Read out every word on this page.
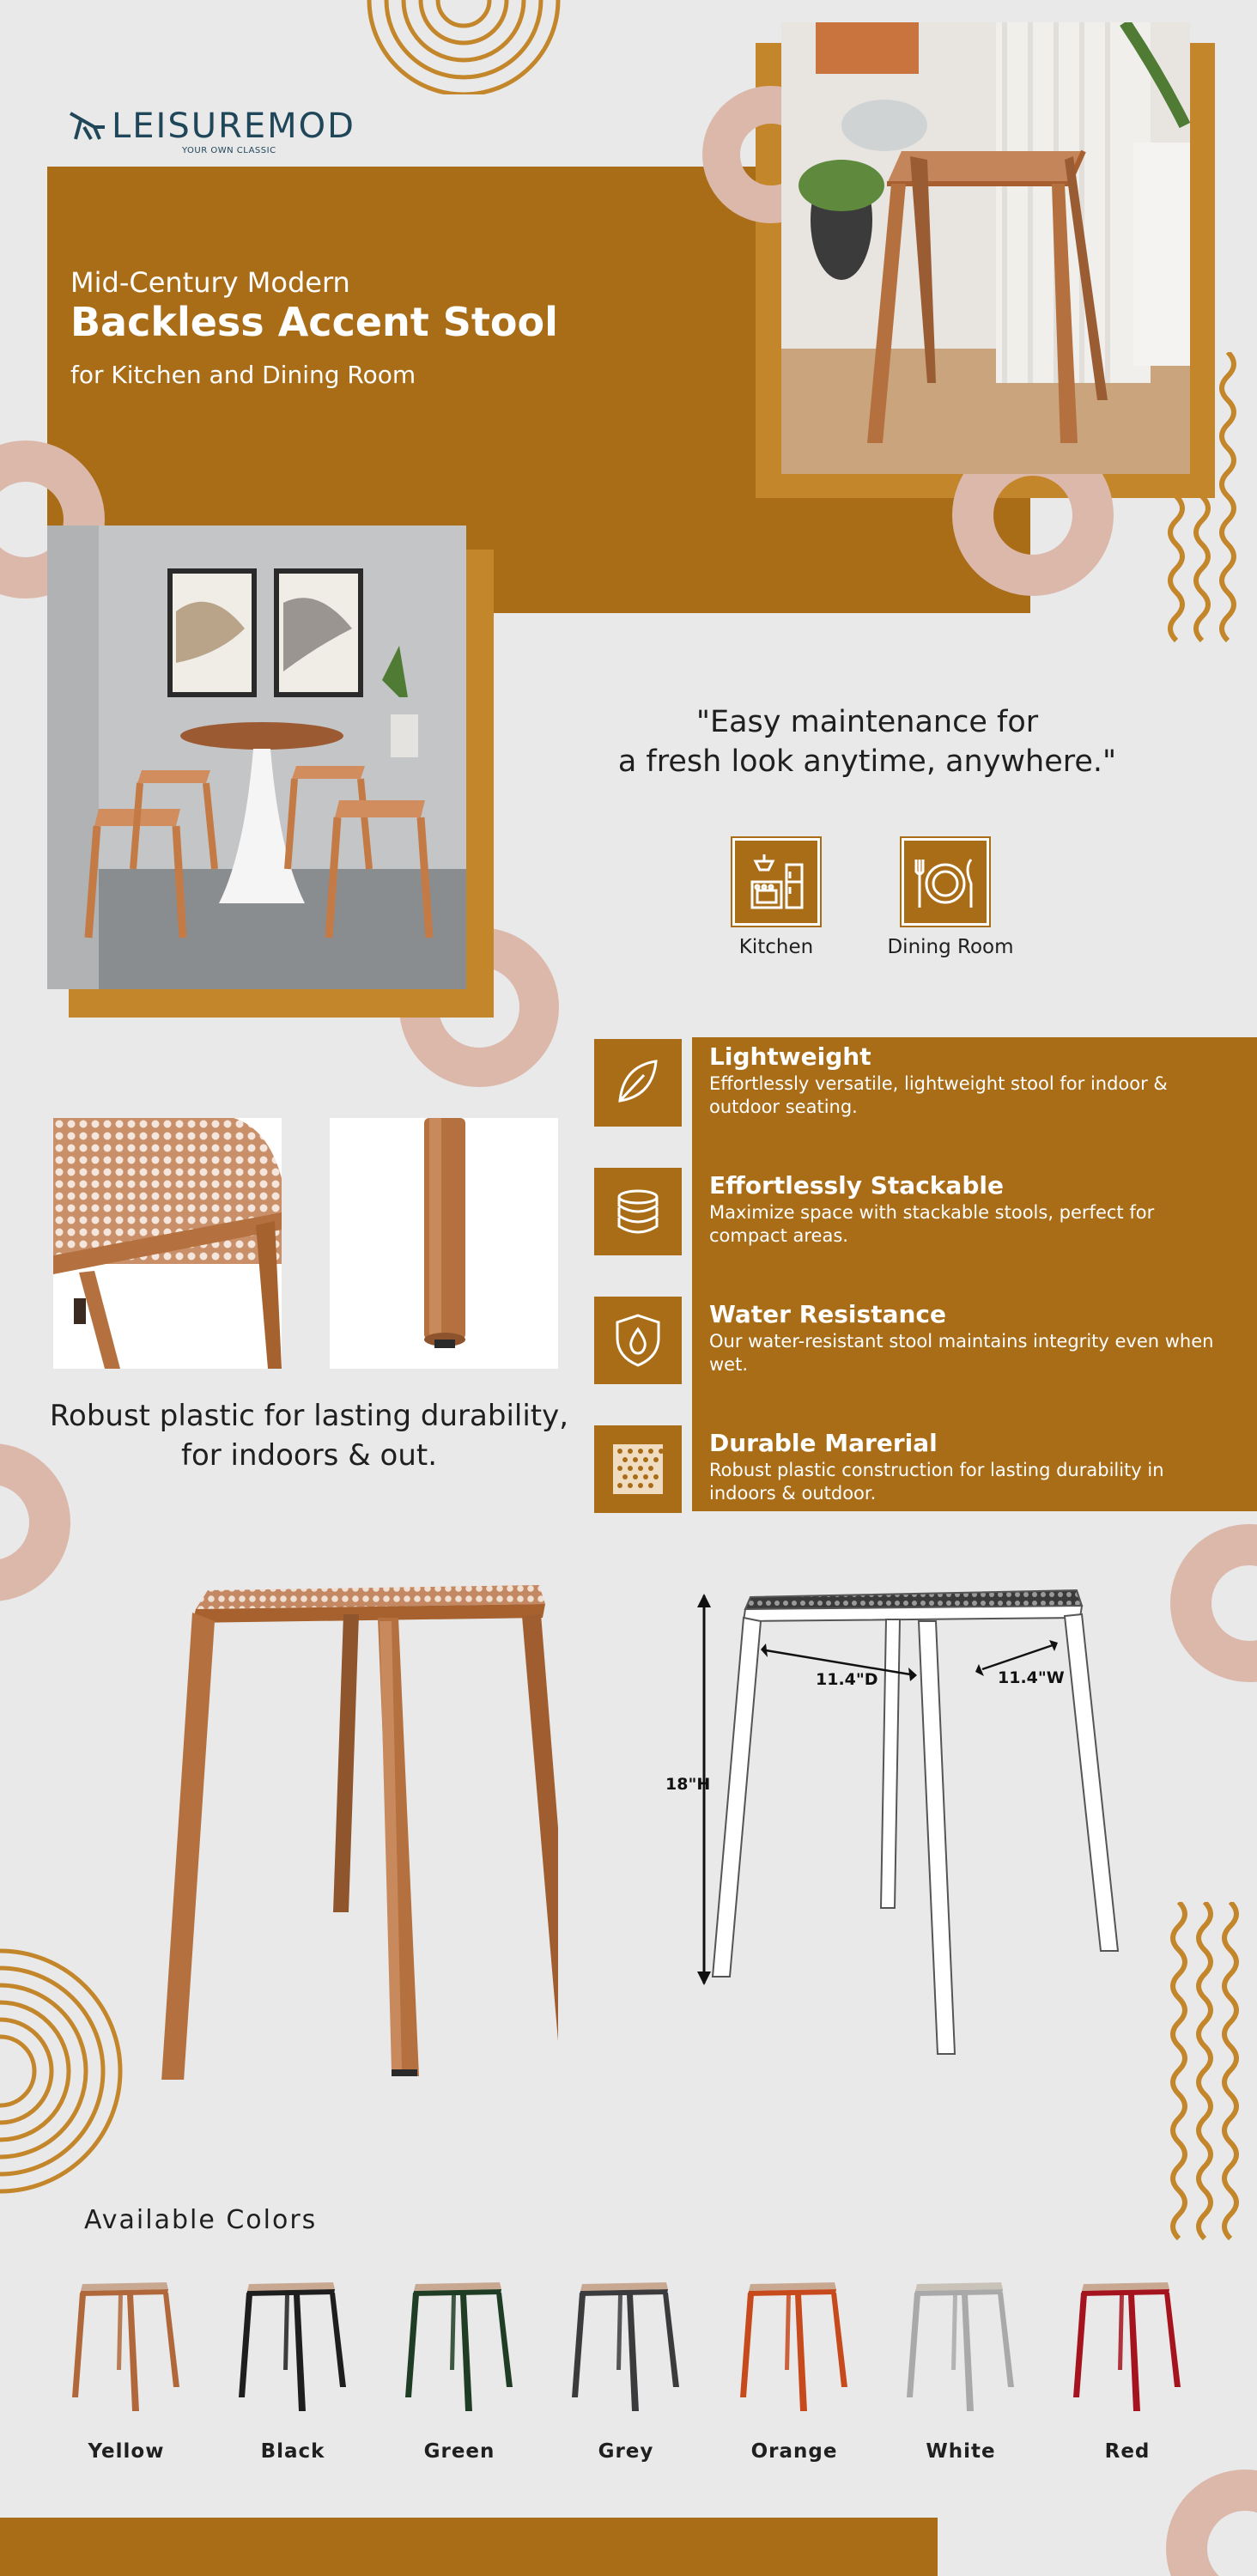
LEISUREMOD
YOUR OWN CLASSIC
Mid-Century Modern
Backless Accent Stool
for Kitchen and Dining Room
"Easy maintenance for
a fresh look anytime, anywhere."
Kitchen	Dining Room
Lightweight
Effortlessly versatile, lightweight stool for indoor & outdoor seating.
Effortlessly Stackable
Maximize space with stackable stools, perfect for compact areas.
Water Resistance
Our water-resistant stool maintains integrity even when wet.
Durable Marerial
Robust plastic construction for lasting durability in indoors & outdoor.
Robust plastic for lasting durability,
for indoors & out.
18"H
11.4"D	11.4"W
Available Colors
Yellow	Black	Green	Grey	Orange	White	Red
